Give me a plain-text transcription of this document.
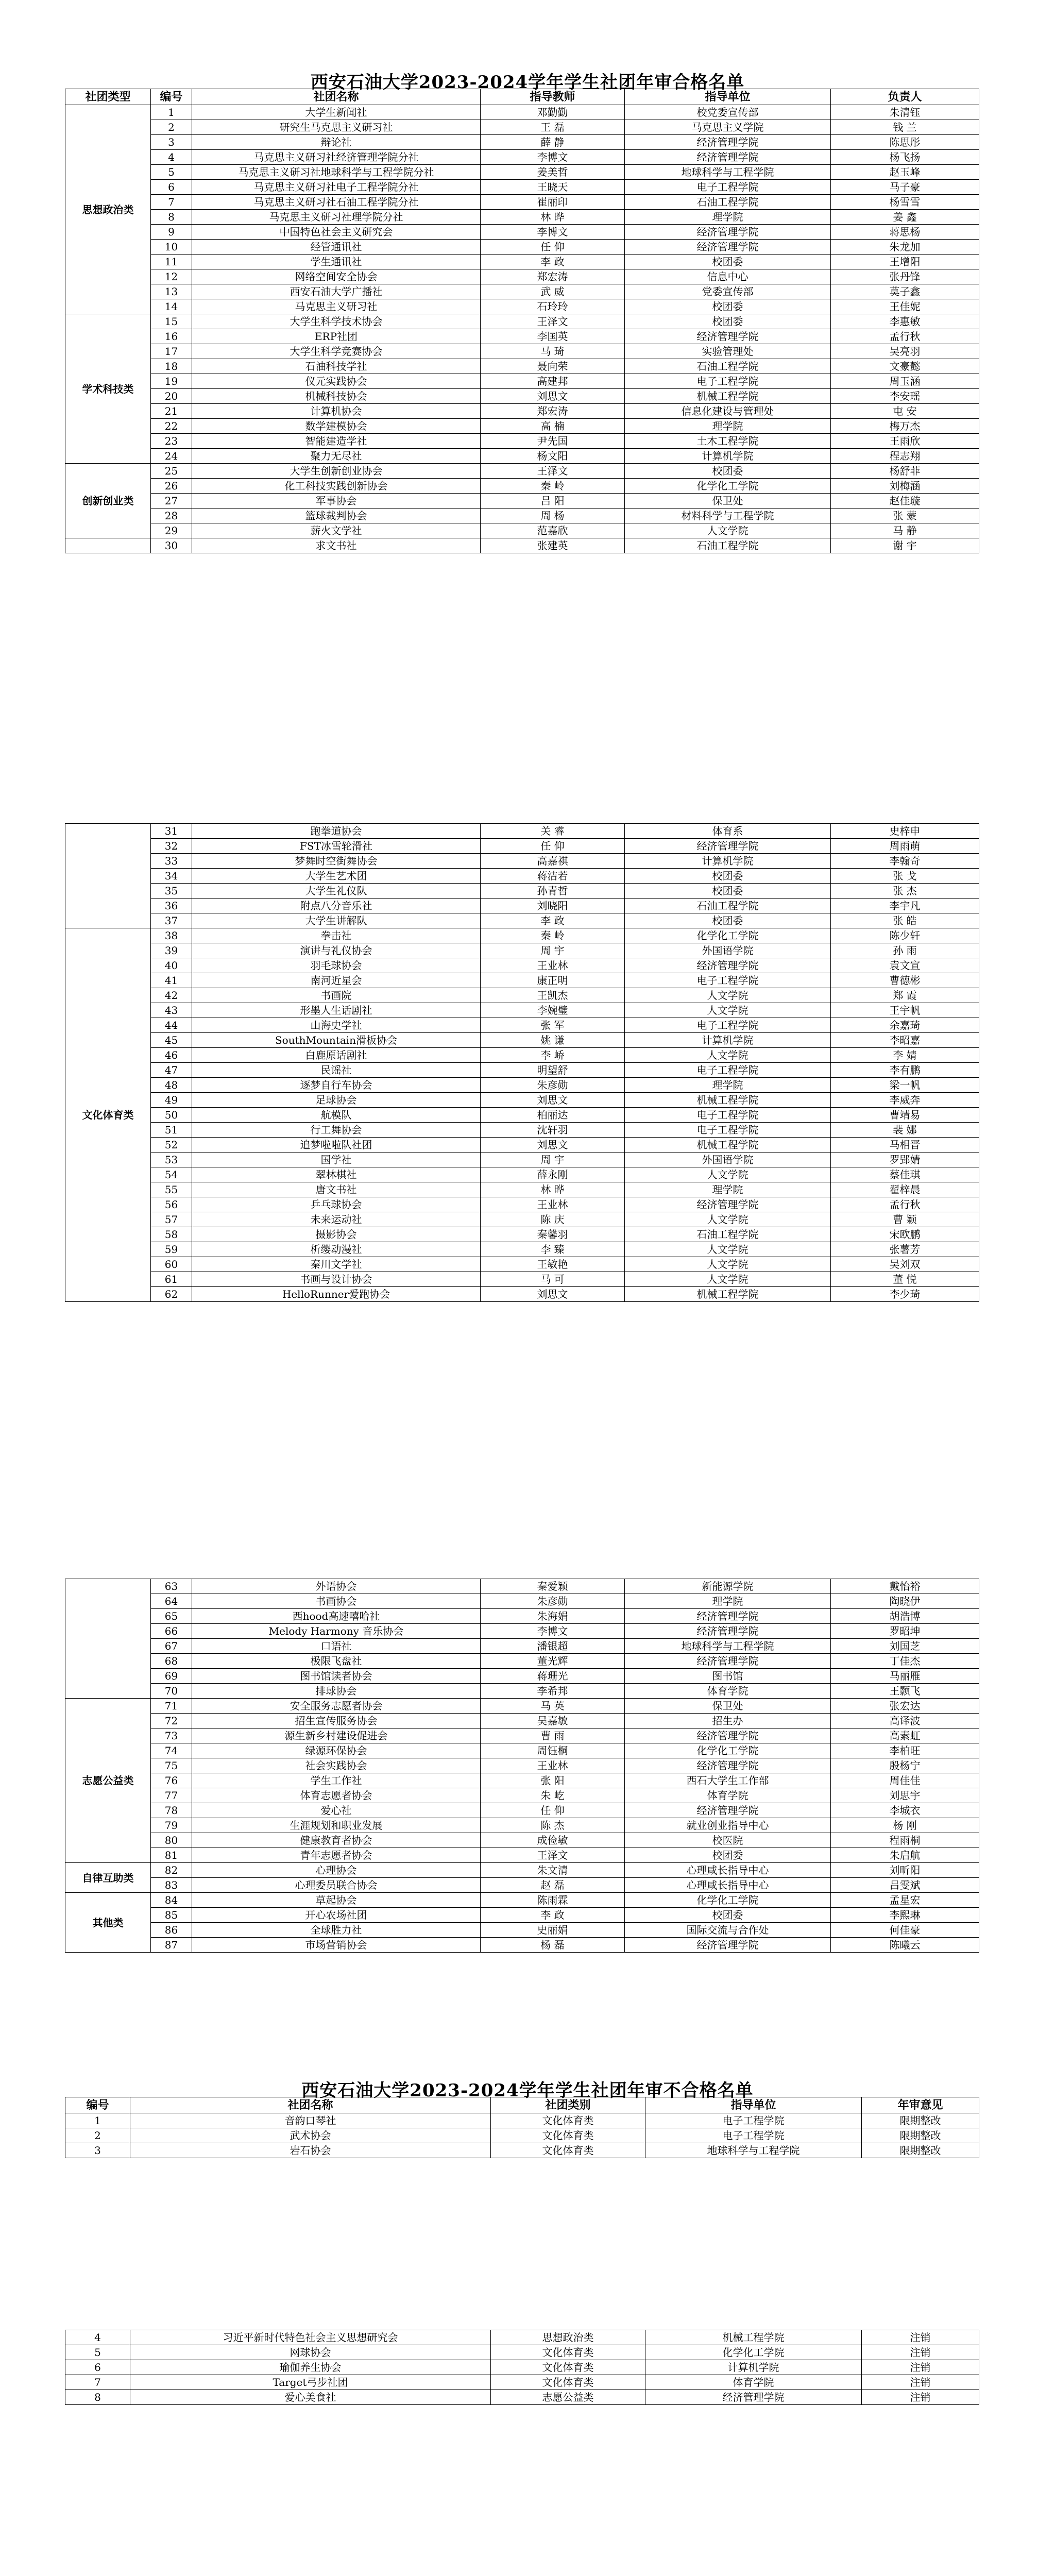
西安石油大学2023-2024学年学生社团年审合格名单
社团类型	编号	社团名称	指导教师	指导单位	负责人
思想政治类	1	大学生新闻社	邓勤勤	校党委宣传部	朱清钰
	2	研究生马克思主义研习社	王 磊	马克思主义学院	钱 兰
	3	辩论社	薛 静	经济管理学院	陈思彤
	4	马克思主义研习社经济管理学院分社	李博文	经济管理学院	杨飞扬
	5	马克思主义研习社地球科学与工程学院分社	姜美哲	地球科学与工程学院	赵玉峰
	6	马克思主义研习社电子工程学院分社	王晓天	电子工程学院	马子豪
	7	马克思主义研习社石油工程学院分社	崔丽印	石油工程学院	杨雪雪
	8	马克思主义研习社理学院分社	林 晔	理学院	姜 鑫
	9	中国特色社会主义研究会	李博文	经济管理学院	蒋思杨
	10	经管通讯社	任 仰	经济管理学院	朱龙加
	11	学生通讯社	李 政	校团委	王增阳
	12	网络空间安全协会	郑宏涛	信息中心	张丹锋
	13	西安石油大学广播社	武 威	党委宣传部	莫子鑫
	14	马克思主义研习社	石玲玲	校团委	王佳妮
学术科技类	15	大学生科学技术协会	王泽文	校团委	李惠敏
	16	ERP社团	李国英	经济管理学院	孟行秋
	17	大学生科学竞赛协会	马 琦	实验管理处	吴亮羽
	18	石油科技学社	聂向荣	石油工程学院	文豪懿
	19	仪元实践协会	高建邦	电子工程学院	周玉涵
	20	机械科技协会	刘思文	机械工程学院	李安瑶
	21	计算机协会	郑宏涛	信息化建设与管理处	屯 安
	22	数学建模协会	高 楠	理学院	梅万杰
	23	智能建造学社	尹先国	土木工程学院	王雨欣
	24	聚力无尽社	杨文阳	计算机学院	程志翔
创新创业类	25	大学生创新创业协会	王泽文	校团委	杨舒菲
	26	化工科技实践创新协会	秦 岭	化学化工学院	刘梅涵
	27	军事协会	吕 阳	保卫处	赵佳璇
	28	篮球裁判协会	周 杨	材料科学与工程学院	张 蒙
	29	薪火文学社	范嘉欣	人文学院	马 静
	30	求文书社	张建英	石油工程学院	谢 宇
	31	跑拳道协会	关 睿	体育系	史梓申
	32	FST冰雪轮滑社	任 仰	经济管理学院	周雨萌
	33	梦舞时空街舞协会	高嘉祺	计算机学院	李翰奇
	34	大学生艺术团	蒋洁若	校团委	张 戈
	35	大学生礼仪队	孙青哲	校团委	张 杰
	36	附点八分音乐社	刘晓阳	石油工程学院	李宇凡
	37	大学生讲解队	李 政	校团委	张 皓
文化体育类	38	拳击社	秦 岭	化学化工学院	陈少轩
	39	演讲与礼仪协会	周 宇	外国语学院	孙 雨
	40	羽毛球协会	王业林	经济管理学院	袁文宣
	41	南河近星会	康正明	电子工程学院	曹德彬
	42	书画院	王凯杰	人文学院	郑 霞
	43	形墨人生话剧社	李婉璧	人文学院	王宇帆
	44	山海史学社	张 军	电子工程学院	余嘉琦
	45	SouthMountain滑板协会	姚 谦	计算机学院	李昭嘉
	46	白鹿原话剧社	李 峤	人文学院	李 婧
	47	民谣社	明望舒	电子工程学院	李有鹏
	48	逐梦自行车协会	朱彦勋	理学院	梁一帆
	49	足球协会	刘思文	机械工程学院	李威奔
	50	航模队	柏丽达	电子工程学院	曹靖易
	51	行工舞协会	沈轩羽	电子工程学院	裴 娜
	52	追梦啦啦队社团	刘思文	机械工程学院	马相晋
	53	国学社	周 宇	外国语学院	罗郢婧
	54	翠林棋社	薛永刚	人文学院	蔡佳琪
	55	唐文书社	林 晔	理学院	翟梓晨
	56	乒乓球协会	王业林	经济管理学院	孟行秋
	57	未来运动社	陈 庆	人文学院	曹 颖
	58	摄影协会	秦馨羽	石油工程学院	宋欧鹏
	59	析缨动漫社	李 臻	人文学院	张薯芳
	60	秦川文学社	王敏艳	人文学院	吴刘双
	61	书画与设计协会	马 可	人文学院	董 悦
	62	HelloRunner爱跑协会	刘思文	机械工程学院	李少琦
	63	外语协会	秦爱颖	新能源学院	戴怡裕
	64	书画协会	朱彦勋	理学院	陶晓伊
	65	西hood高速嘻哈社	朱海娟	经济管理学院	胡浩博
	66	Melody Harmony 音乐协会	李博文	经济管理学院	罗昭坤
	67	口语社	潘银超	地球科学与工程学院	刘国芝
	68	极限飞盘社	董光辉	经济管理学院	丁佳杰
	69	图书馆读者协会	蒋珊光	图书馆	马丽雁
	70	排球协会	李希邦	体育学院	王颢飞
志愿公益类	71	安全服务志愿者协会	马 英	保卫处	张宏达
	72	招生宣传服务协会	吴嘉敏	招生办	高译波
	73	源生新乡村建设促进会	曹 雨	经济管理学院	高素虹
	74	绿源环保协会	周钰桐	化学化工学院	李柏旺
	75	社会实践协会	王业林	经济管理学院	殷杨宁
	76	学生工作社	张 阳	西石大学生工作部	周佳佳
	77	体育志愿者协会	朱 屹	体育学院	刘思宇
	78	爱心社	任 仰	经济管理学院	李城衣
	79	生涯规划和职业发展	陈 杰	就业创业指导中心	杨 刚
	80	健康教育者协会	成俭敏	校医院	程雨桐
	81	青年志愿者协会	王泽文	校团委	朱启航
自律互助类	82	心理协会	朱文清	心理咸长指导中心	刘昕阳
	83	心理委员联合协会	赵 磊	心理咸长指导中心	吕雯斌
其他类	84	草起协会	陈雨霖	化学化工学院	孟星宏
	85	开心农场社团	李 政	校团委	李熙琳
	86	全球胜力社	史丽娟	国际交流与合作处	何佳豪
	87	市场营销协会	杨 磊	经济管理学院	陈曦云
西安石油大学2023-2024学年学生社团年审不合格名单
编号	社团名称	社团类别	指导单位	年审意见
1	音韵口琴社	文化体育类	电子工程学院	限期整改
2	武术协会	文化体育类	电子工程学院	限期整改
3	岩石协会	文化体育类	地球科学与工程学院	限期整改
4	习近平新时代特色社会主义思想研究会	思想政治类	机械工程学院	注销
5	网球协会	文化体育类	化学化工学院	注销
6	瑜伽养生协会	文化体育类	计算机学院	注销
7	Target弓步社团	文化体育类	体育学院	注销
8	爱心美食社	志愿公益类	经济管理学院	注销
